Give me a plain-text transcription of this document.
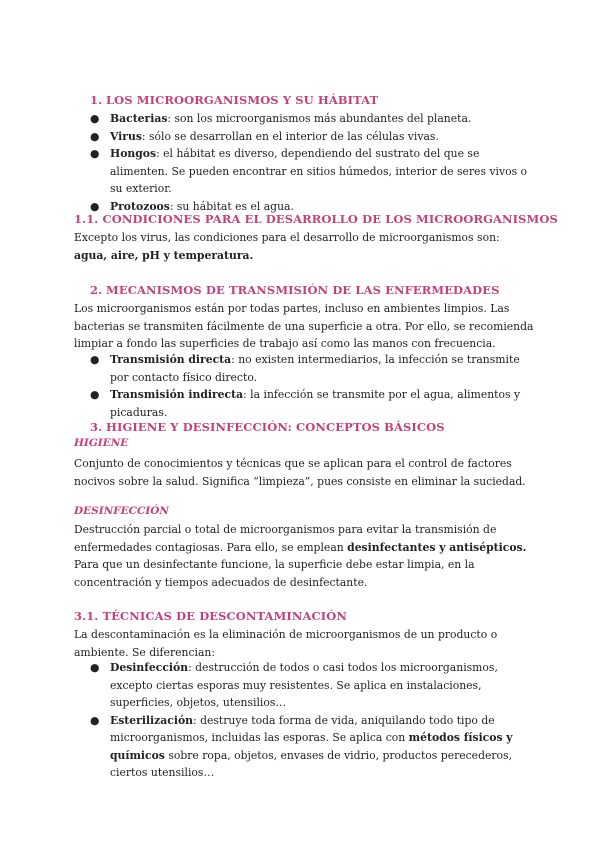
1. LOS MICROORGANISMOS Y SU HÁBITAT
● Bacterias: son los microorganismos más abundantes del planeta.
● Virus: sólo se desarrollan en el interior de las células vivas.
● Hongos: el hábitat es diverso, dependiendo del sustrato del que se alimenten. Se pueden encontrar en sitios húmedos, interior de seres vivos o su exterior.
● Protozoos: su hábitat es el agua.
1.1. CONDICIONES PARA EL DESARROLLO DE LOS MICROORGANISMOS
Excepto los virus, las condiciones para el desarrollo de microorganismos son: agua, aire, pH y temperatura.
2. MECANISMOS DE TRANSMISIÓN DE LAS ENFERMEDADES
Los microorganismos están por todas partes, incluso en ambientes limpios. Las bacterias se transmiten fácilmente de una superficie a otra. Por ello, se recomienda limpiar a fondo las superficies de trabajo así como las manos con frecuencia.
● Transmisión directa: no existen intermediarios, la infección se transmite por contacto físico directo.
● Transmisión indirecta: la infección se transmite por el agua, alimentos y picaduras.
3. HIGIENE Y DESINFECCIÓN: CONCEPTOS BÁSICOS
HIGIENE
Conjunto de conocimientos y técnicas que se aplican para el control de factores nocivos sobre la salud. Significa “limpieza”, pues consiste en eliminar la suciedad.
DESINFECCIÓN
Destrucción parcial o total de microorganismos para evitar la transmisión de enfermedades contagiosas. Para ello, se emplean desinfectantes y antisépticos. Para que un desinfectante funcione, la superficie debe estar limpia, en la concentración y tiempos adecuados de desinfectante.
3.1. TÉCNICAS DE DESCONTAMINACIÓN
La descontaminación es la eliminación de microorganismos de un producto o ambiente. Se diferencian:
● Desinfección: destrucción de todos o casi todos los microorganismos, excepto ciertas esporas muy resistentes. Se aplica en instalaciones, superficies, objetos, utensilios…
● Esterilización: destruye toda forma de vida, aniquilando todo tipo de microorganismos, incluidas las esporas. Se aplica con métodos físicos y químicos sobre ropa, objetos, envases de vidrio, productos perecederos, ciertos utensilios…
